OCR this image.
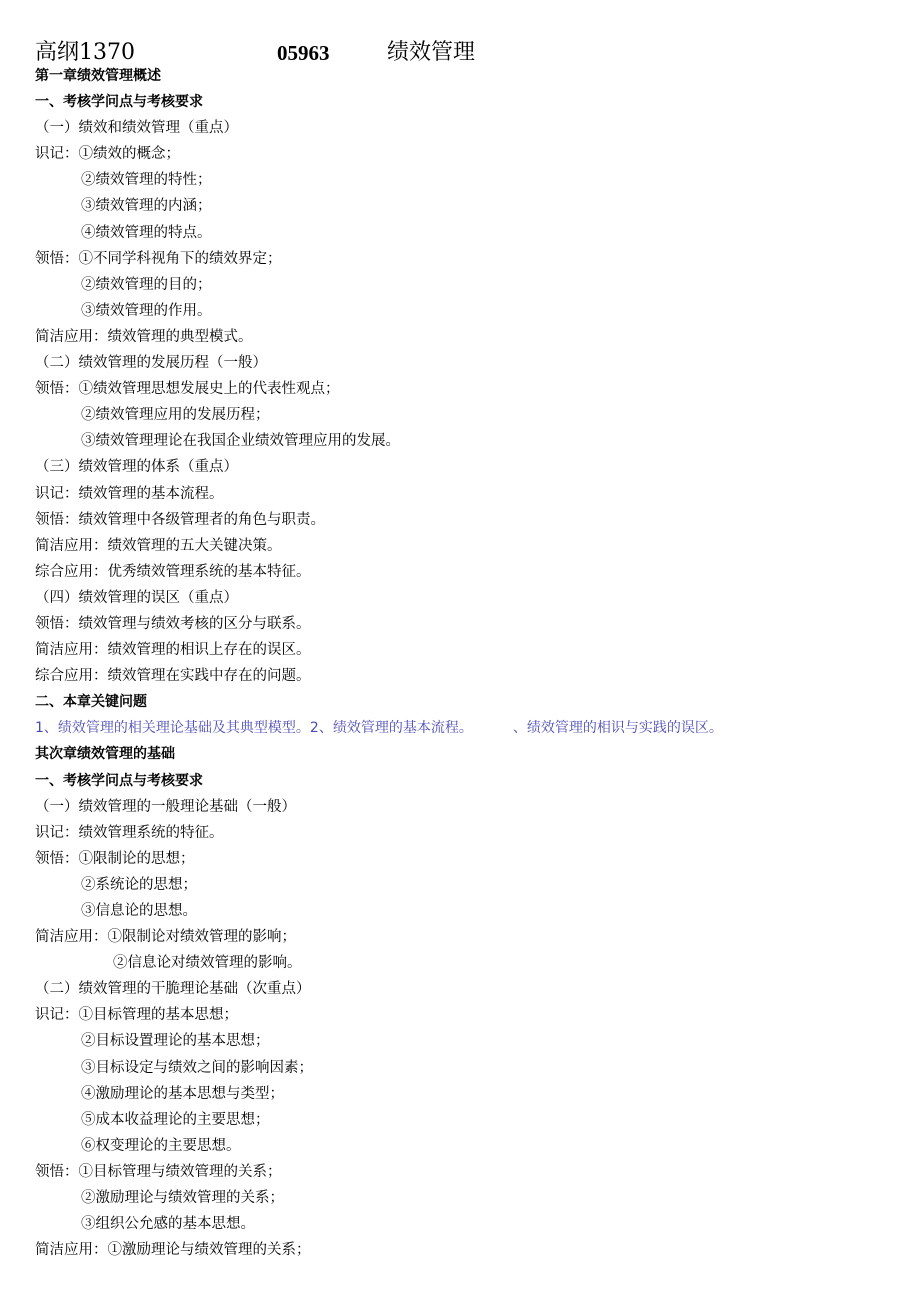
高纲1370	05963	绩效管理
第一章绩效管理概述
一、考核学问点与考核要求
（一）绩效和绩效管理（重点）
识记：①绩效的概念；
②绩效管理的特性；
③绩效管理的内涵；
④绩效管理的特点。
领悟：①不同学科视角下的绩效界定；
②绩效管理的目的；
③绩效管理的作用。
简洁应用：绩效管理的典型模式。
（二）绩效管理的发展历程（一般）
领悟：①绩效管理思想发展史上的代表性观点；
②绩效管理应用的发展历程；
③绩效管理理论在我国企业绩效管理应用的发展。
（三）绩效管理的体系（重点）
识记：绩效管理的基本流程。
领悟：绩效管理中各级管理者的角色与职责。
简洁应用：绩效管理的五大关键决策。
综合应用：优秀绩效管理系统的基本特征。
（四）绩效管理的误区（重点）
领悟：绩效管理与绩效考核的区分与联系。
简洁应用：绩效管理的相识上存在的误区。
综合应用：绩效管理在实践中存在的问题。
二、本章关键问题
1、绩效管理的相关理论基础及其典型模型。2、绩效管理的基本流程。	、绩效管理的相识与实践的误区。
其次章绩效管理的基础
一、考核学问点与考核要求
（一）绩效管理的一般理论基础（一般）
识记：绩效管理系统的特征。
领悟：①限制论的思想；
②系统论的思想；
③信息论的思想。
简洁应用：①限制论对绩效管理的影响；
②信息论对绩效管理的影响。
（二）绩效管理的干脆理论基础（次重点）
识记：①目标管理的基本思想；
②目标设置理论的基本思想；
③目标设定与绩效之间的影响因素；
④激励理论的基本思想与类型；
⑤成本收益理论的主要思想；
⑥权变理论的主要思想。
领悟：①目标管理与绩效管理的关系；
②激励理论与绩效管理的关系；
③组织公允感的基本思想。
简洁应用：①激励理论与绩效管理的关系；
